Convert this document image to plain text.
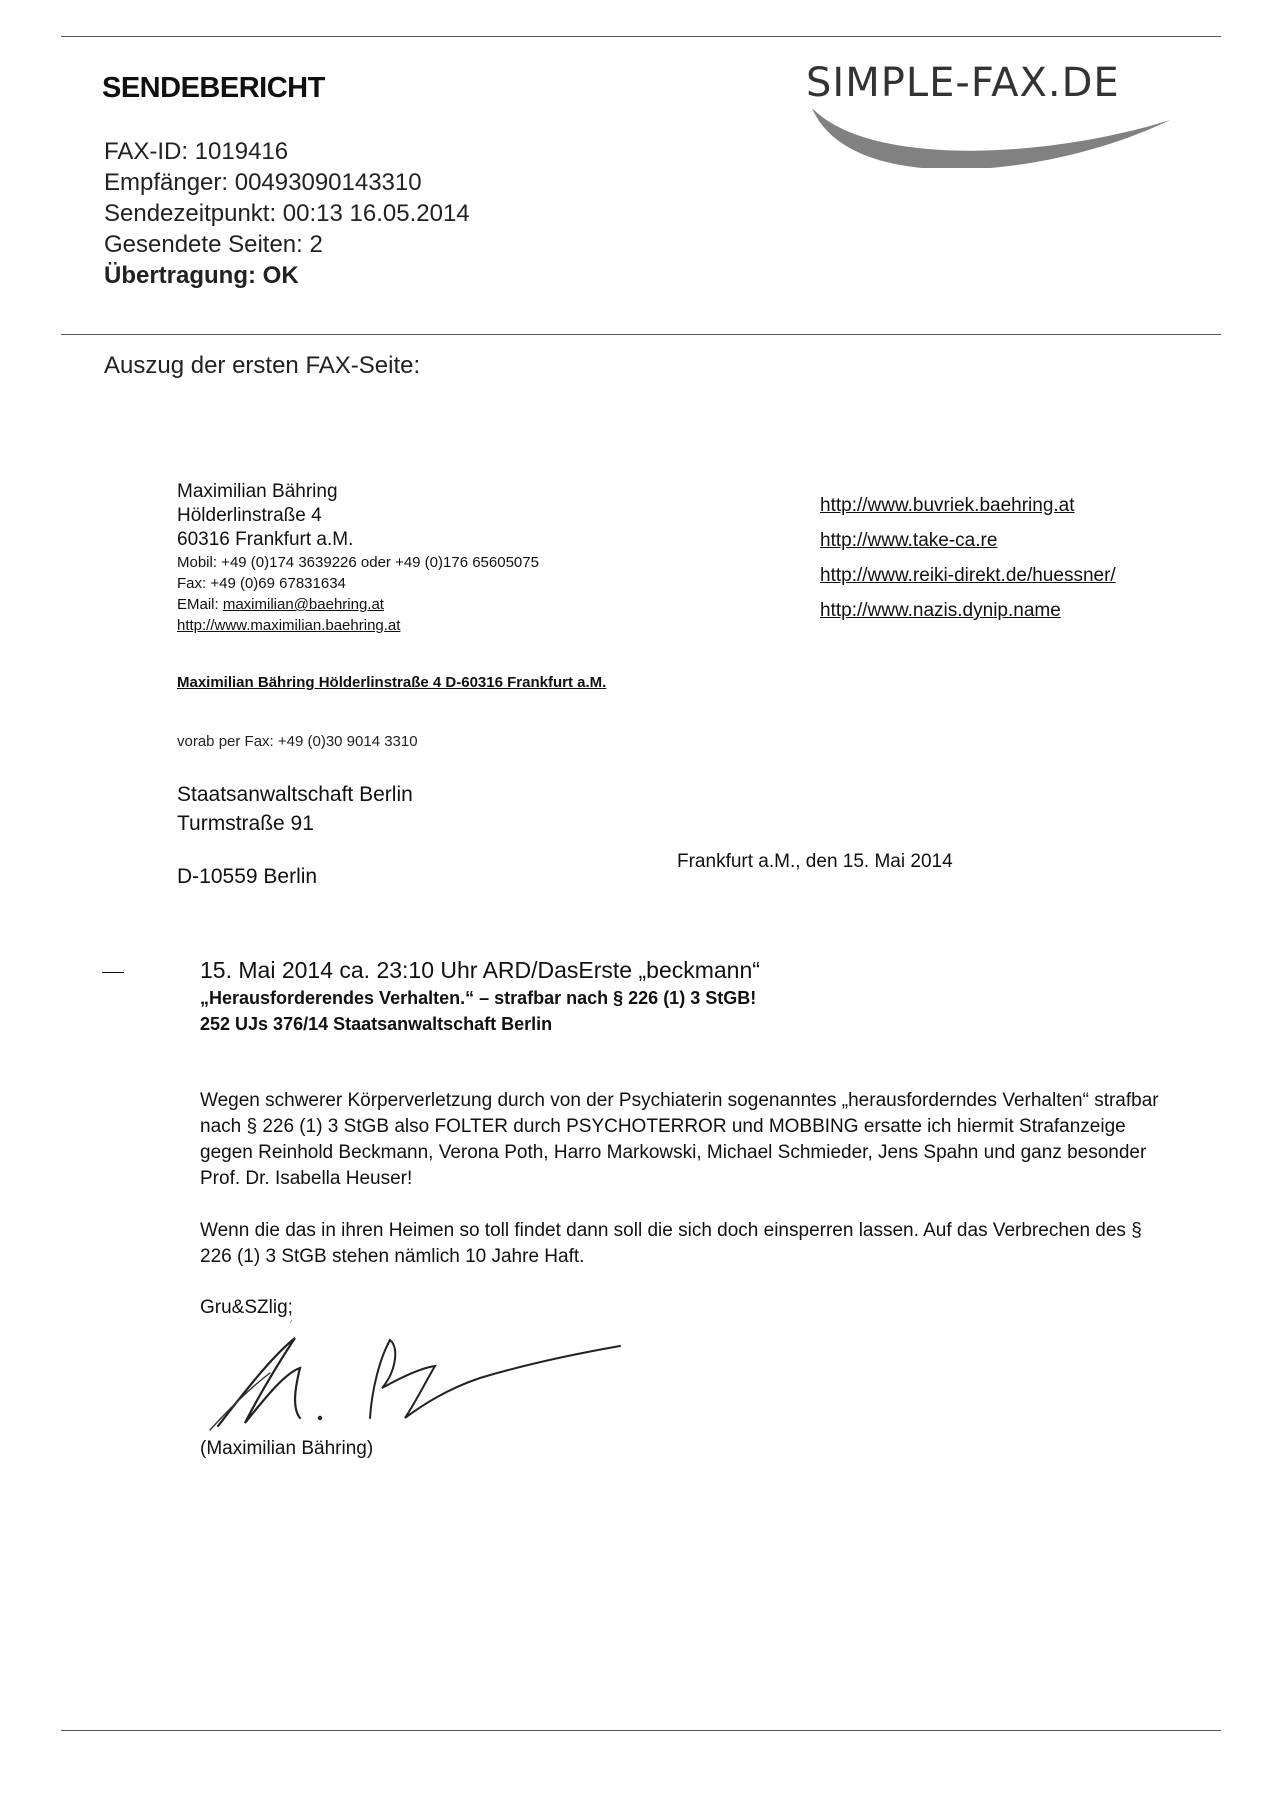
SENDEBERICHT	SIMPLE-FAX.DE
FAX-ID: 1019416
Empfänger: 00493090143310
Sendezeitpunkt: 00:13 16.05.2014
Gesendete Seiten: 2
Übertragung: OK
Auszug der ersten FAX-Seite:
Maximilian Bähring
Hölderlinstraße 4
60316 Frankfurt a.M.
Mobil: +49 (0)174 3639226 oder +49 (0)176 65605075
Fax: +49 (0)69 67831634
EMail: maximilian@baehring.at
http://www.maximilian.baehring.at
http://www.buvriek.baehring.at
http://www.take-ca.re
http://www.reiki-direkt.de/huessner/
http://www.nazis.dynip.name
Maximilian Bähring Hölderlinstraße 4 D-60316 Frankfurt a.M.
vorab per Fax: +49 (0)30 9014 3310
Staatsanwaltschaft Berlin
Turmstraße 91
D-10559 Berlin
Frankfurt a.M., den 15. Mai 2014
15. Mai 2014 ca. 23:10 Uhr ARD/DasErste „beckmann“
„Herausforderendes Verhalten.“ – strafbar nach § 226 (1) 3 StGB!
252 UJs 376/14 Staatsanwaltschaft Berlin

Wegen schwerer Körperverletzung durch von der Psychiaterin sogenanntes „herausforderndes Verhalten“ strafbar nach § 226 (1) 3 StGB also FOLTER durch PSYCHOTERROR und MOBBING ersatte ich hiermit Strafanzeige gegen Reinhold Beckmann, Verona Poth, Harro Markowski, Michael Schmieder, Jens Spahn und ganz besonder Prof. Dr. Isabella Heuser!

Wenn die das in ihren Heimen so toll findet dann soll die sich doch einsperren lassen. Auf das Verbrechen des § 226 (1) 3 StGB stehen nämlich 10 Jahre Haft.

Gru&SZlig;
(Maximilian Bähring)
